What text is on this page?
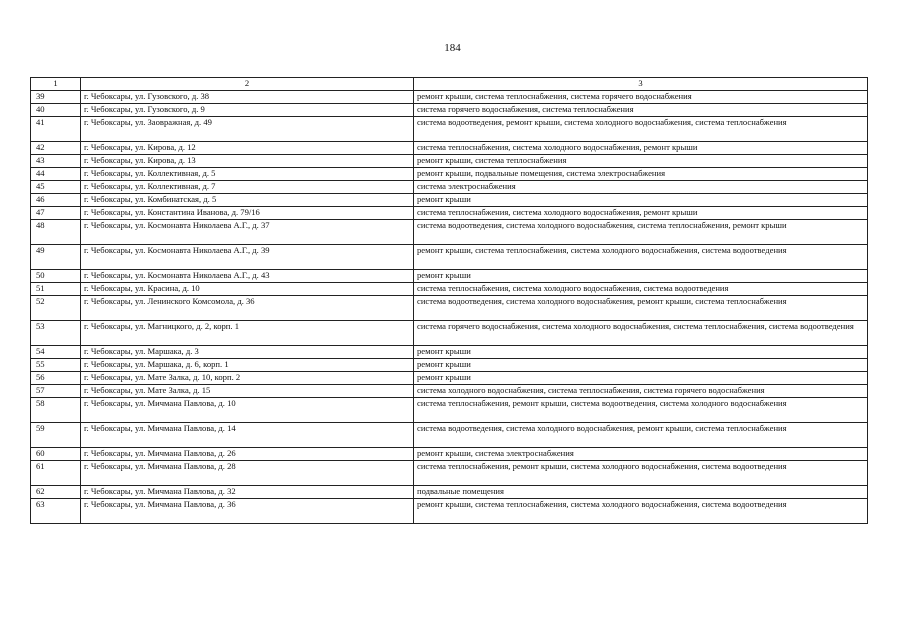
184
1	2	3
39	г. Чебоксары, ул. Гузовского, д. 38	ремонт крыши, система теплоснабжения, система горячего водоснабжения
40	г. Чебоксары, ул. Гузовского, д. 9	система горячего водоснабжения, система теплоснабжения
41	г. Чебоксары, ул. Заовражная, д. 49	система водоотведения, ремонт крыши, система холодного водоснабжения, система теплоснабжения
42	г. Чебоксары, ул. Кирова, д. 12	система теплоснабжения, система холодного водоснабжения, ремонт крыши
43	г. Чебоксары, ул. Кирова, д. 13	ремонт крыши, система теплоснабжения
44	г. Чебоксары, ул. Коллективная, д. 5	ремонт крыши, подвальные помещения, система электроснабжения
45	г. Чебоксары, ул. Коллективная, д. 7	система электроснабжения
46	г. Чебоксары, ул. Комбинатская, д. 5	ремонт крыши
47	г. Чебоксары, ул. Константина Иванова, д. 79/16	система теплоснабжения, система холодного водоснабжения, ремонт крыши
48	г. Чебоксары, ул. Космонавта Николаева А.Г., д. 37	система водоотведения, система холодного водоснабжения, система теплоснабжения, ремонт крыши
49	г. Чебоксары, ул. Космонавта Николаева А.Г., д. 39	ремонт крыши, система теплоснабжения, система холодного водоснабжения, система водоотведения
50	г. Чебоксары, ул. Космонавта Николаева А.Г., д. 43	ремонт крыши
51	г. Чебоксары, ул. Красина, д. 10	система теплоснабжения, система холодного водоснабжения, система водоотведения
52	г. Чебоксары, ул. Ленинского Комсомола, д. 36	система водоотведения, система холодного водоснабжения, ремонт крыши, система теплоснабжения
53	г. Чебоксары, ул. Магницкого, д. 2, корп. 1	система горячего водоснабжения, система холодного водоснабжения, система теплоснабжения, система водоотведения
54	г. Чебоксары, ул. Маршака, д. 3	ремонт крыши
55	г. Чебоксары, ул. Маршака, д. 6, корп. 1	ремонт крыши
56	г. Чебоксары, ул. Мате Залка, д. 10, корп. 2	ремонт крыши
57	г. Чебоксары, ул. Мате Залка, д. 15	система холодного водоснабжения, система теплоснабжения, система горячего водоснабжения
58	г. Чебоксары, ул. Мичмана Павлова, д. 10	система теплоснабжения, ремонт крыши, система водоотведения, система холодного водоснабжения
59	г. Чебоксары, ул. Мичмана Павлова, д. 14	система водоотведения, система холодного водоснабжения, ремонт крыши, система теплоснабжения
60	г. Чебоксары, ул. Мичмана Павлова, д. 26	ремонт крыши, система электроснабжения
61	г. Чебоксары, ул. Мичмана Павлова, д. 28	система теплоснабжения, ремонт крыши, система холодного водоснабжения, система водоотведения
62	г. Чебоксары, ул. Мичмана Павлова, д. 32	подвальные помещения
63	г. Чебоксары, ул. Мичмана Павлова, д. 36	ремонт крыши, система теплоснабжения, система холодного водоснабжения, система водоотведения
